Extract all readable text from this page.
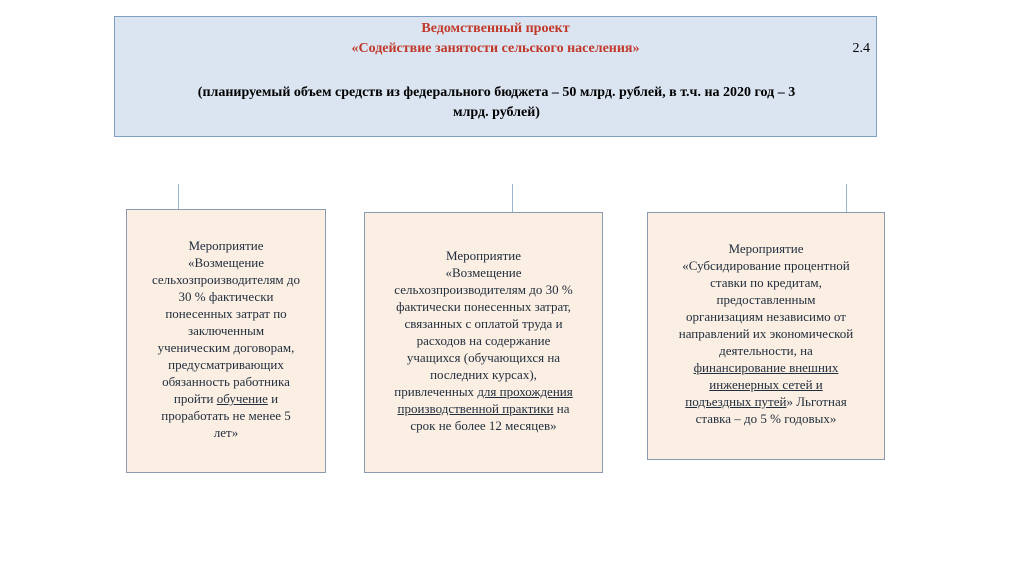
Ведомственный проект
«Содействие занятости сельского населения»	2.4
(планируемый объем средств из федерального бюджета – 50 млрд. рублей, в т.ч. на 2020 год – 3
млрд. рублей)
Мероприятие
«Возмещение
сельхозпроизводителям до
30 % фактически
понесенных затрат по
заключенным
ученическим договорам,
предусматривающих
обязанность работника
пройти обучение и
проработать не менее 5
лет»
Мероприятие
«Возмещение
сельхозпроизводителям до 30 %
фактически понесенных затрат,
связанных с оплатой труда и
расходов на содержание
учащихся (обучающихся на
последних курсах),
привлеченных для прохождения
производственной практики на
срок не более 12 месяцев»
Мероприятие
«Субсидирование процентной
ставки по кредитам,
предоставленным
организациям независимо от
направлений их экономической
деятельности, на
финансирование внешних
инженерных сетей и
подъездных путей» Льготная
ставка – до 5 % годовых»
